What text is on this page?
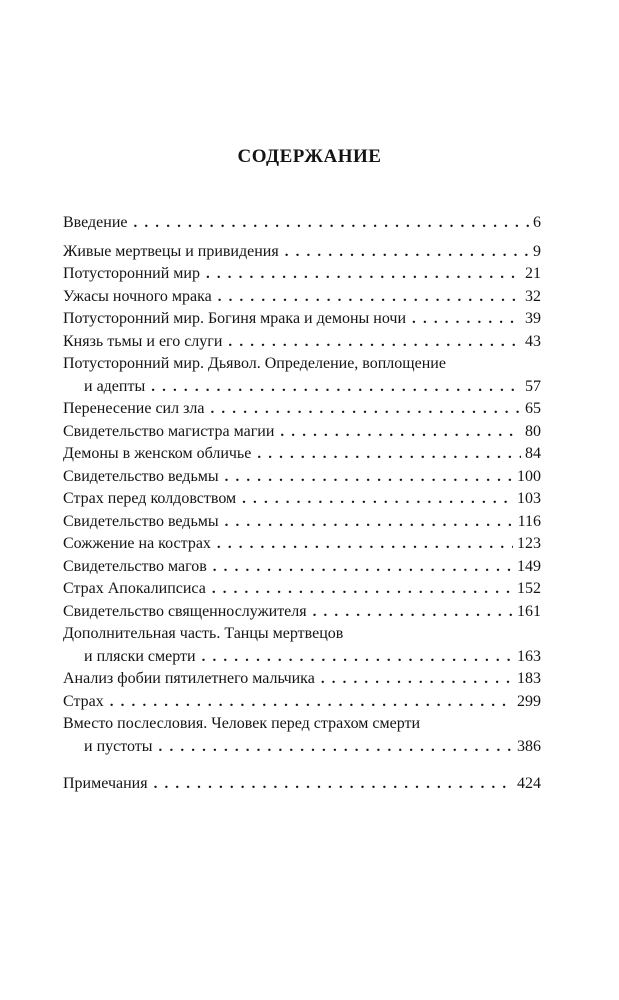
СОДЕРЖАНИЕ
Введение . . .	6
Живые мертвецы и привидения . . .	9
Потусторонний мир . . .	21
Ужасы ночного мрака . . .	32
Потусторонний мир. Богиня мрака и демоны ночи . . .	39
Князь тьмы и его слуги . . .	43
Потусторонний мир. Дьявол. Определение, воплощение
и адепты . . .	57
Перенесение сил зла . . .	65
Свидетельство магистра магии . . .	80
Демоны в женском обличье . . .	84
Свидетельство ведьмы . . .	100
Страх перед колдовством . . .	103
Свидетельство ведьмы . . .	116
Сожжение на кострах . . .	123
Свидетельство магов . . .	149
Страх Апокалипсиса . . .	152
Свидетельство священнослужителя . . .	161
Дополнительная часть. Танцы мертвецов
и пляски смерти . . .	163
Анализ фобии пятилетнего мальчика . . .	183
Страх . . .	299
Вместо послесловия. Человек перед страхом смерти
и пустоты . . .	386
Примечания . . .	424
